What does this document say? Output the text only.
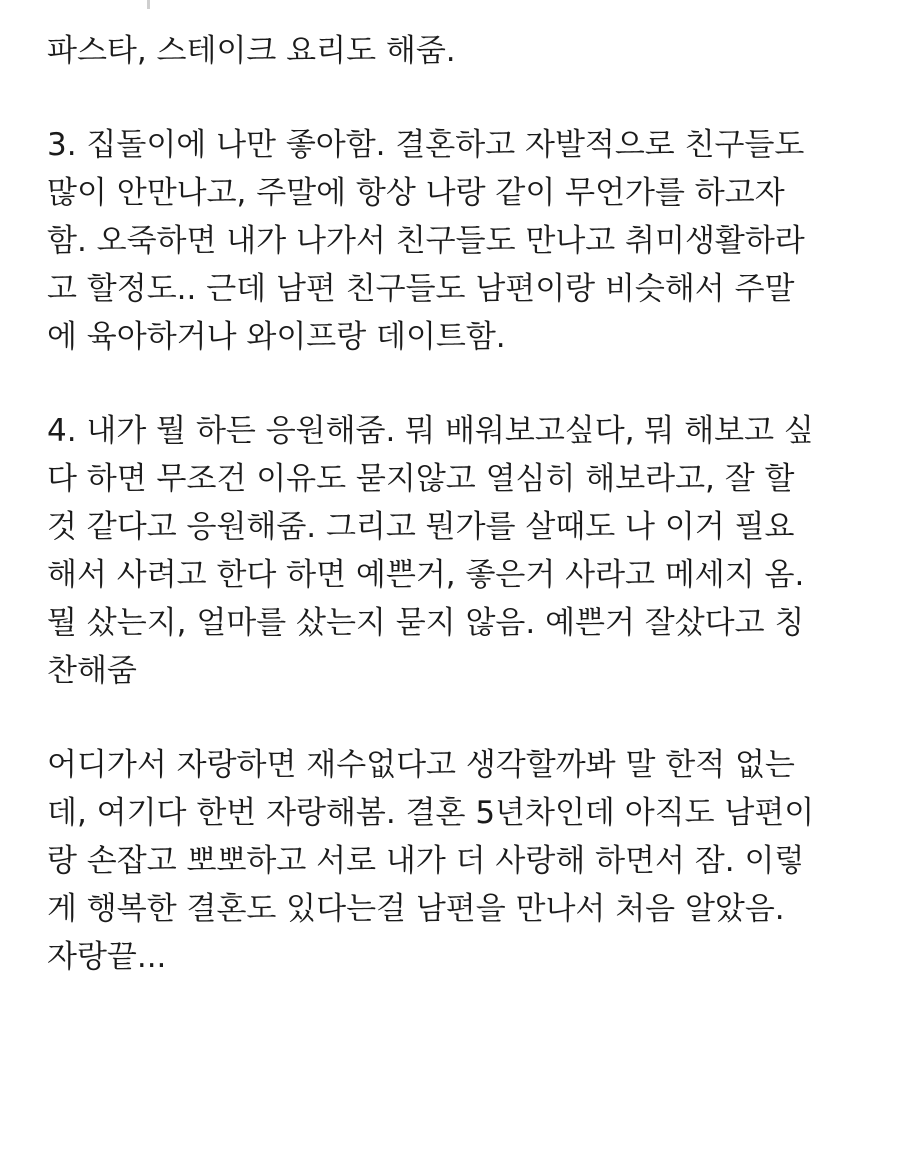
파스타, 스테이크 요리도 해줌.
3. 집돌이에 나만 좋아함. 결혼하고 자발적으로 친구들도
많이 안만나고, 주말에 항상 나랑 같이 무언가를 하고자
함. 오죽하면 내가 나가서 친구들도 만나고 취미생활하라
고 할정도.. 근데 남편 친구들도 남편이랑 비슷해서 주말
에 육아하거나 와이프랑 데이트함.
4. 내가 뭘 하든 응원해줌. 뭐 배워보고싶다, 뭐 해보고 싶
다 하면 무조건 이유도 묻지않고 열심히 해보라고, 잘 할
것 같다고 응원해줌. 그리고 뭔가를 살때도 나 이거 필요
해서 사려고 한다 하면 예쁜거, 좋은거 사라고 메세지 옴.
뭘 샀는지, 얼마를 샀는지 묻지 않음. 예쁜거 잘샀다고 칭
찬해줌
어디가서 자랑하면 재수없다고 생각할까봐 말 한적 없는
데, 여기다 한번 자랑해봄. 결혼 5년차인데 아직도 남편이
랑 손잡고 뽀뽀하고 서로 내가 더 사랑해 하면서 잠. 이렇
게 행복한 결혼도 있다는걸 남편을 만나서 처음 알았음.
자랑끝...
